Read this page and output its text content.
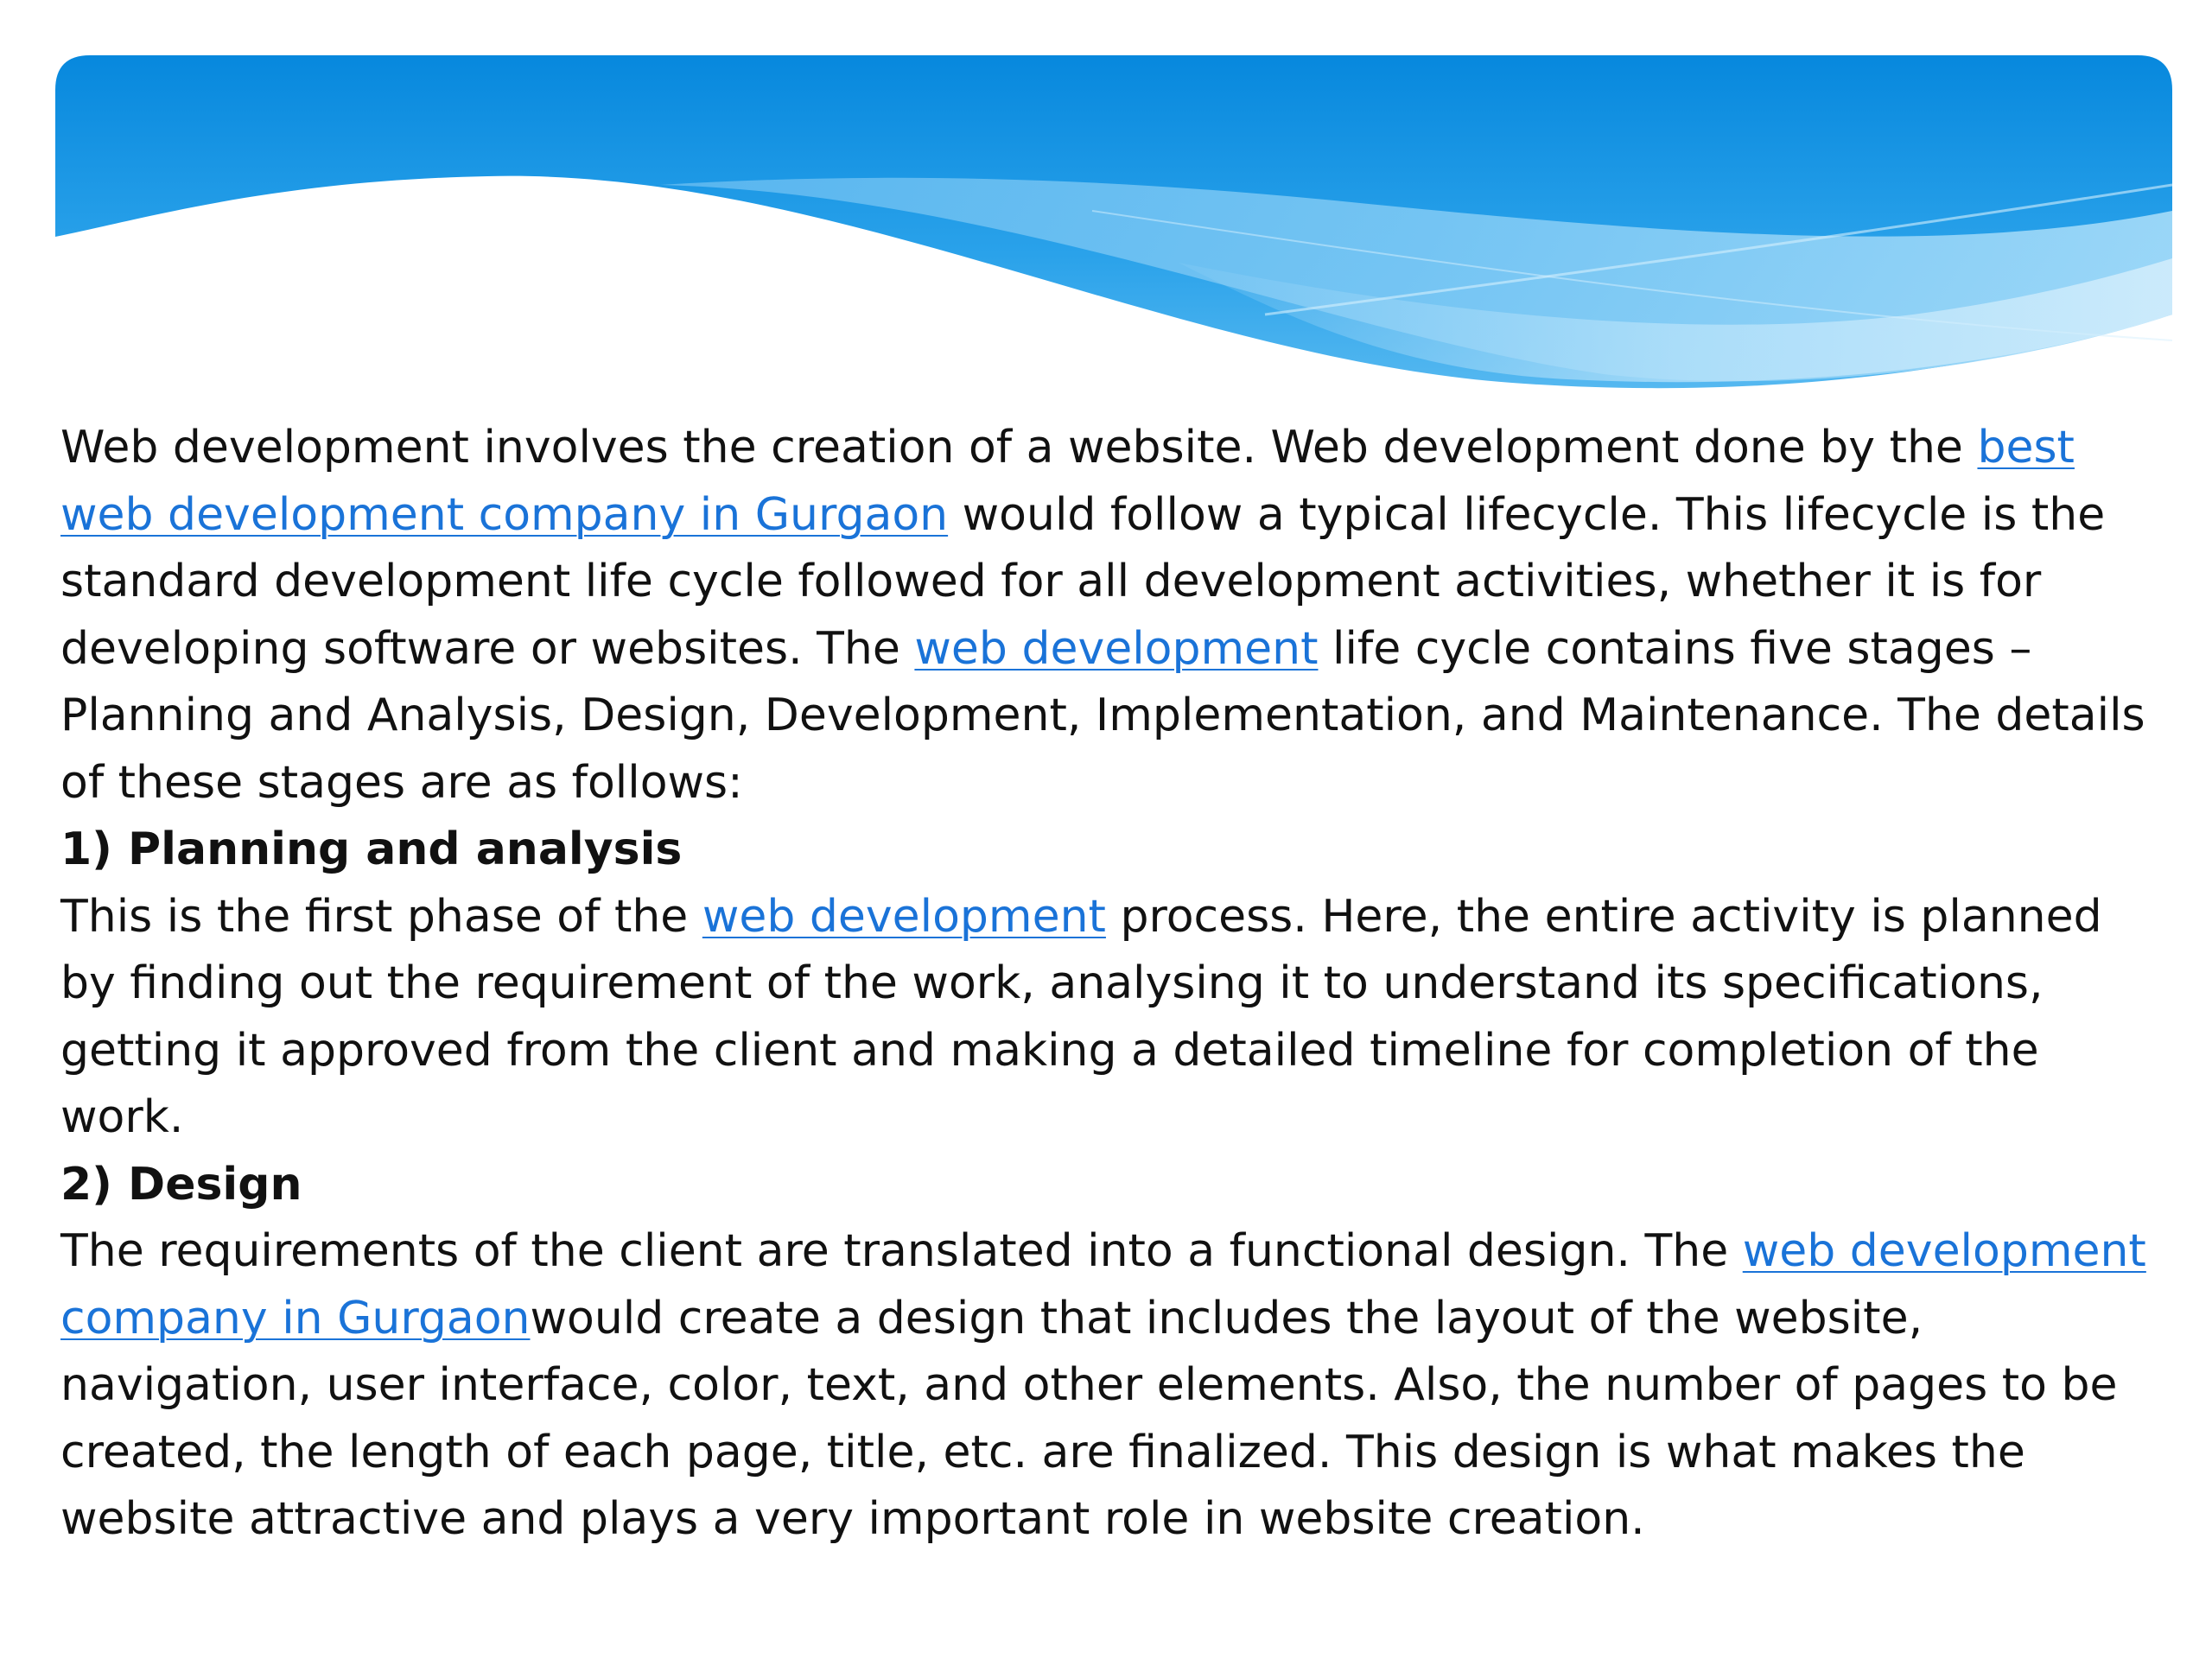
Web development involves the creation of a website. Web development done by the best web development company in Gurgaon would follow a typical lifecycle. This lifecycle is the standard development life cycle followed for all development activities, whether it is for developing software or websites. The web development life cycle contains five stages – Planning and Analysis, Design, Development, Implementation, and Maintenance. The details of these stages are as follows:

1) Planning and analysis

This is the first phase of the web development process. Here, the entire activity is planned by finding out the requirement of the work, analysing it to understand its specifications, getting it approved from the client and making a detailed timeline for completion of the work.

2) Design

The requirements of the client are translated into a functional design. The web development company in Gurgaonwould create a design that includes the layout of the website, navigation, user interface, color, text, and other elements. Also, the number of pages to be created, the length of each page, title, etc. are finalized. This design is what makes the website attractive and plays a very important role in website creation.
